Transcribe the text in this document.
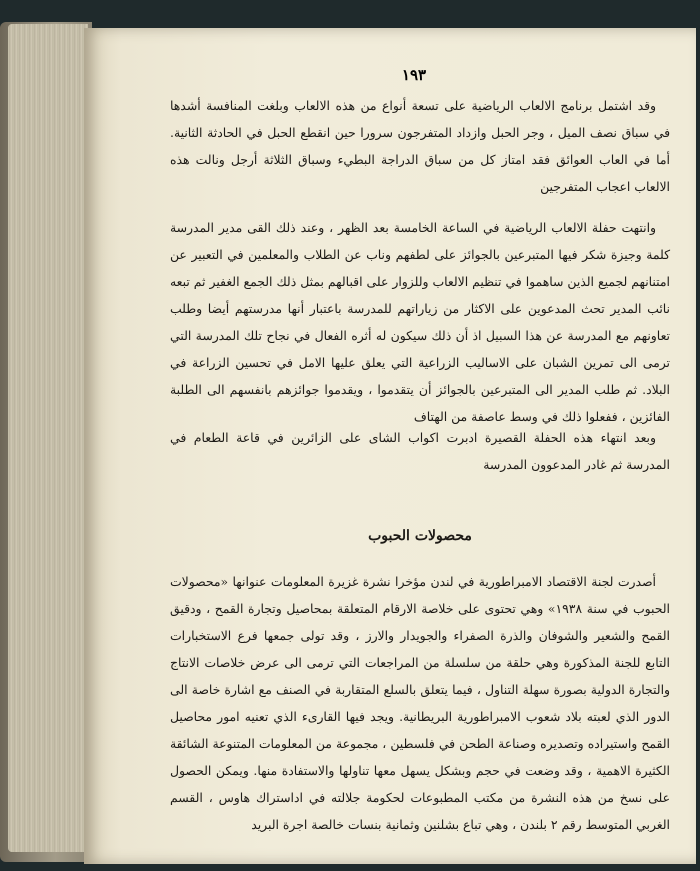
١٩٣

وقد اشتمل برنامج الالعاب الرياضية على تسعة أنواع من هذه الالعاب وبلغت المنافسة أشدها في سباق نصف الميل ، وجر الحبل وازداد المتفرجون سرورا حين انقطع الحبل في الحادثة الثانية. أما في العاب العوائق فقد امتاز كل من سباق الدراجة البطيء وسباق الثلاثة أرجل ونالت هذه الالعاب اعجاب المتفرجين

وانتهت حفلة الالعاب الرياضية في الساعة الخامسة بعد الظهر ، وعند ذلك القى مدير المدرسة كلمة وجيزة شكر فيها المتبرعين بالجوائز على لطفهم وناب عن الطلاب والمعلمين في التعبير عن امتنانهم لجميع الذين ساهموا في تنظيم الالعاب وللزوار على اقبالهم بمثل ذلك الجمع الغفير ثم تبعه نائب المدير تحث المدعوين على الاكثار من زياراتهم للمدرسة باعتبار أنها مدرستهم أيضا وطلب تعاونهم مع المدرسة عن هذا السبيل اذ أن ذلك سيكون له أثره الفعال في نجاح تلك المدرسة التي ترمى الى تمرين الشبان على الاساليب الزراعية التي يعلق عليها الامل في تحسين الزراعة في البلاد. ثم طلب المدير الى المتبرعين بالجوائز أن يتقدموا ، ويقدموا جوائزهم بانفسهم الى الطلبة الفائزين ، ففعلوا ذلك في وسط عاصفة من الهتاف

وبعد انتهاء هذه الحفلة القصيرة ادبرت اكواب الشاى على الزائرين في قاعة الطعام في المدرسة ثم غادر المدعوون المدرسة

محصولات الحبوب

أصدرت لجنة الاقتصاد الامبراطورية في لندن مؤخرا نشرة غزيرة المعلومات عنوانها «محصولات الحبوب في سنة ١٩٣٨» وهي تحتوى على خلاصة الارقام المتعلقة بمحاصيل وتجارة القمح ، ودقيق القمح والشعير والشوفان والذرة الصفراء والجويدار والارز ، وقد تولى جمعها فرع الاستخبارات التابع للجنة المذكورة وهي حلقة من سلسلة من المراجعات التي ترمى الى عرض خلاصات الانتاج والتجارة الدولية بصورة سهلة التناول ، فيما يتعلق بالسلع المتقاربة في الصنف مع اشارة خاصة الى الدور الذي لعبته بلاد شعوب الامبراطورية البريطانية. ويجد فيها القارىء الذي تعنيه امور محاصيل القمح واستيراده وتصديره وصناعة الطحن في فلسطين ، مجموعة من المعلومات المتنوعة الشائقة الكثيرة الاهمية ، وقد وضعت في حجم وبشكل يسهل معها تناولها والاستفادة منها. ويمكن الحصول على نسخ من هذه النشرة من مكتب المطبوعات لحكومة جلالته في اداستراك هاوس ، القسم الغربي المتوسط رقم ٢ بلندن ، وهي تباع بشلنين وثمانية بنسات خالصة اجرة البريد
